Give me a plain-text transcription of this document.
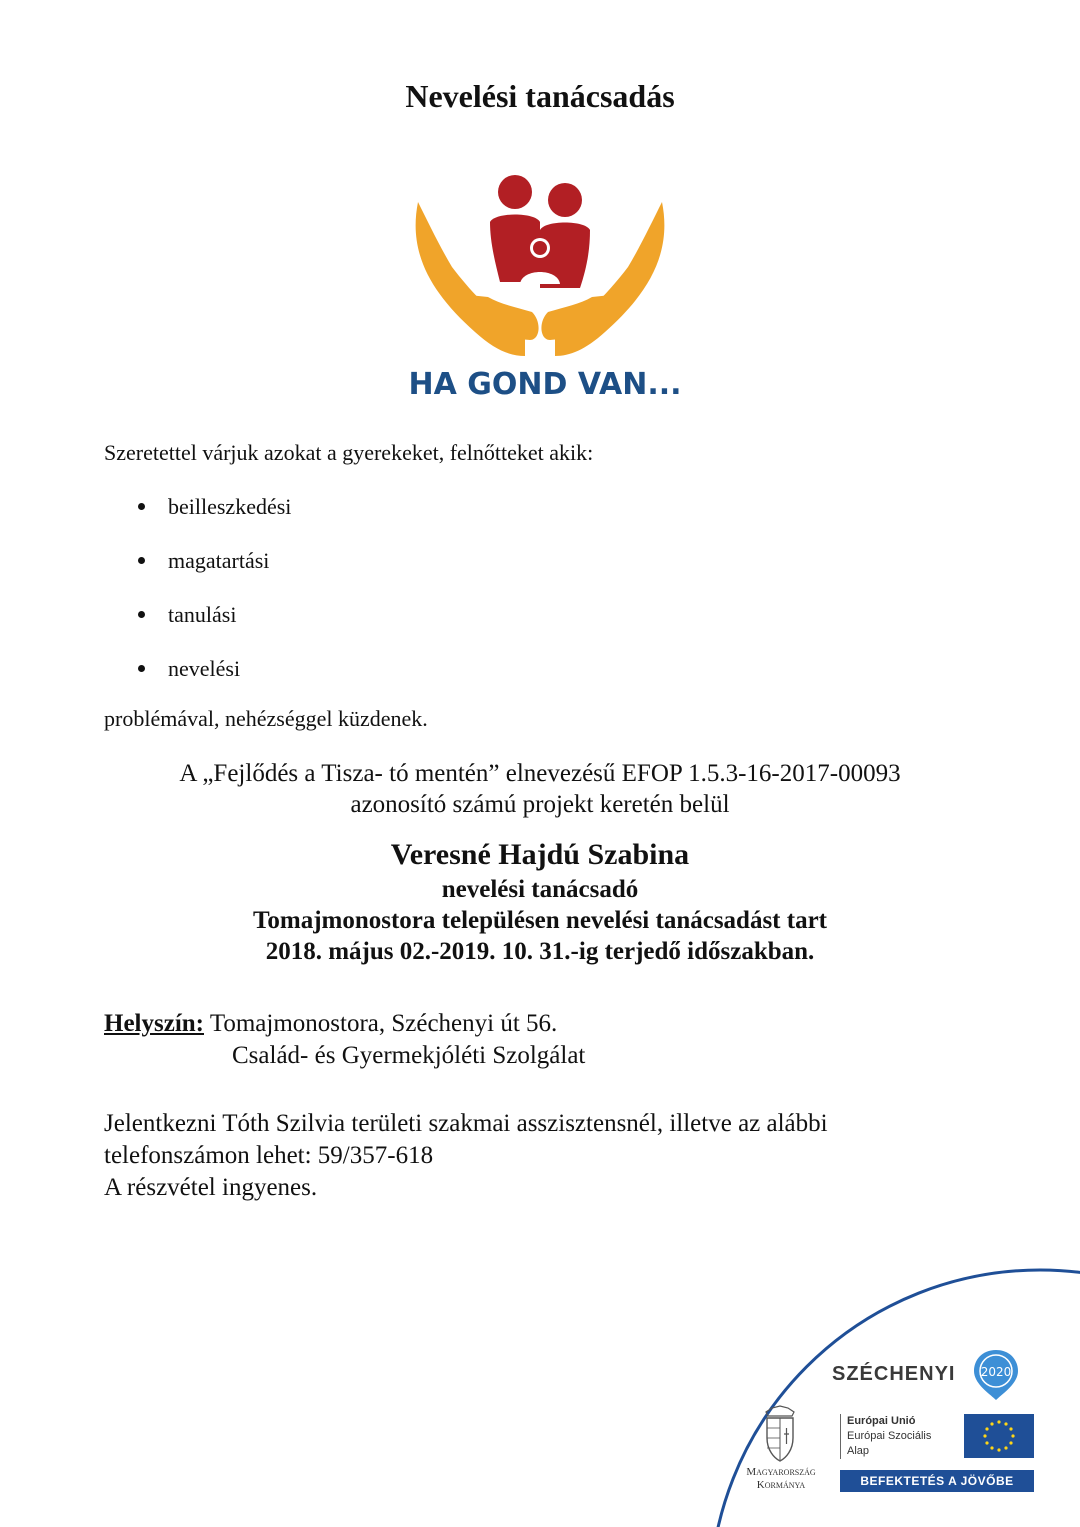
Nevelési tanácsadás
HA GOND VAN...
Szeretettel várjuk azokat a gyerekeket, felnőtteket akik:
beilleszkedési
magatartási
tanulási
nevelési
problémával, nehézséggel küzdenek.
A „Fejlődés a Tisza- tó mentén” elnevezésű EFOP 1.5.3-16-2017-00093
azonosító számú projekt keretén belül
Veresné Hajdú Szabina
nevelési tanácsadó
Tomajmonostora településen nevelési tanácsadást tart
2018. május 02.-2019. 10. 31.-ig terjedő időszakban.
Helyszín: Tomajmonostora, Széchenyi út 56.
Család- és Gyermekjóléti Szolgálat
Jelentkezni Tóth Szilvia területi szakmai asszisztensnél, illetve az alábbi
telefonszámon lehet: 59/357-618
A részvétel ingyenes.
SZÉCHENYI 2020
Magyarország
Kormánya
Európai Unió
Európai Szociális
Alap
BEFEKTETÉS A JÖVŐBE
